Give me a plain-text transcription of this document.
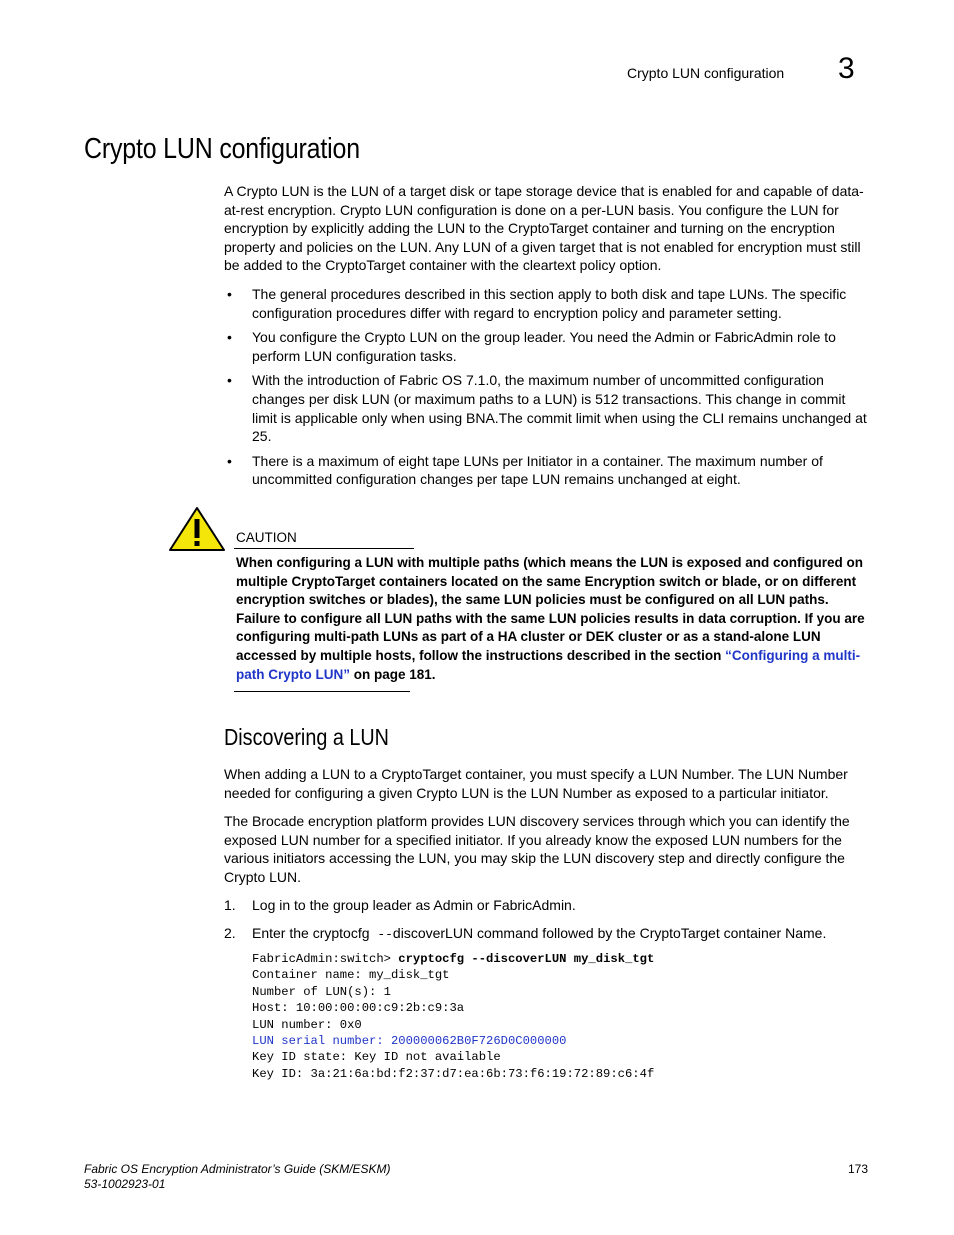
Crypto LUN configuration 3
Crypto LUN configuration

A Crypto LUN is the LUN of a target disk or tape storage device that is enabled for and capable of data-at-rest encryption. Crypto LUN configuration is done on a per-LUN basis. You configure the LUN for encryption by explicitly adding the LUN to the CryptoTarget container and turning on the encryption property and policies on the LUN. Any LUN of a given target that is not enabled for encryption must still be added to the CryptoTarget container with the cleartext policy option.

• The general procedures described in this section apply to both disk and tape LUNs. The specific configuration procedures differ with regard to encryption policy and parameter setting.
• You configure the Crypto LUN on the group leader. You need the Admin or FabricAdmin role to perform LUN configuration tasks.
• With the introduction of Fabric OS 7.1.0, the maximum number of uncommitted configuration changes per disk LUN (or maximum paths to a LUN) is 512 transactions. This change in commit limit is applicable only when using BNA.The commit limit when using the CLI remains unchanged at 25.
• There is a maximum of eight tape LUNs per Initiator in a container. The maximum number of uncommitted configuration changes per tape LUN remains unchanged at eight.
CAUTION
When configuring a LUN with multiple paths (which means the LUN is exposed and configured on multiple CryptoTarget containers located on the same Encryption switch or blade, or on different encryption switches or blades), the same LUN policies must be configured on all LUN paths. Failure to configure all LUN paths with the same LUN policies results in data corruption. If you are configuring multi-path LUNs as part of a HA cluster or DEK cluster or as a stand-alone LUN accessed by multiple hosts, follow the instructions described in the section “Configuring a multi-path Crypto LUN” on page 181.
Discovering a LUN

When adding a LUN to a CryptoTarget container, you must specify a LUN Number. The LUN Number needed for configuring a given Crypto LUN is the LUN Number as exposed to a particular initiator.

The Brocade encryption platform provides LUN discovery services through which you can identify the exposed LUN number for a specified initiator. If you already know the exposed LUN numbers for the various initiators accessing the LUN, you may skip the LUN discovery step and directly configure the Crypto LUN.

1. Log in to the group leader as Admin or FabricAdmin.
2. Enter the cryptocfg --discoverLUN command followed by the CryptoTarget container Name.
FabricAdmin:switch> cryptocfg --discoverLUN my_disk_tgt
Container name: my_disk_tgt
Number of LUN(s): 1
Host: 10:00:00:00:c9:2b:c9:3a
LUN number: 0x0
LUN serial number: 200000062B0F726D0C000000
Key ID state: Key ID not available
Key ID: 3a:21:6a:bd:f2:37:d7:ea:6b:73:f6:19:72:89:c6:4f
Fabric OS Encryption Administrator’s Guide (SKM/ESKM)
53-1002923-01
173
